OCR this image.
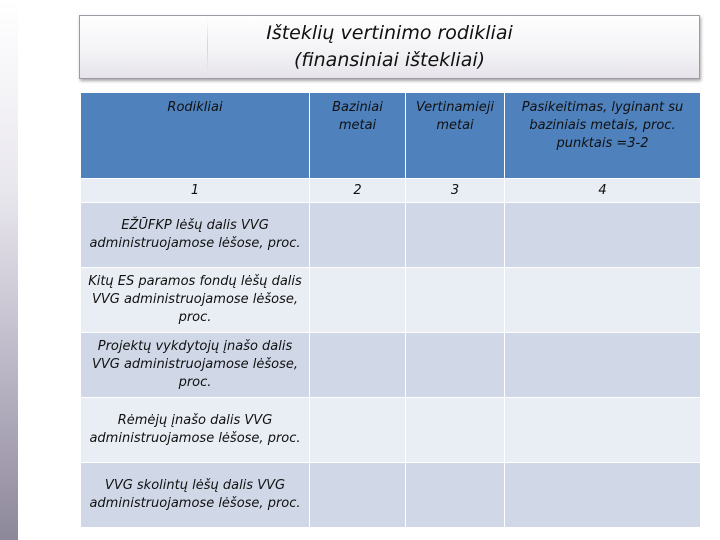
Išteklių vertinimo rodikliai
(finansiniai ištekliai)
Rodikliai	Baziniai metai	Vertinamieji metai	Pasikeitimas, lyginant su baziniais metais, proc. punktais =3-2
1	2	3	4
EŽŪFKP lėšų dalis VVG administruojamose lėšose, proc.			
Kitų ES paramos fondų lėšų dalis VVG administruojamose lėšose, proc.			
Projektų vykdytojų įnašo dalis VVG administruojamose lėšose, proc.			
Rėmėjų įnašo dalis VVG administruojamose lėšose, proc.			
VVG skolintų lėšų dalis VVG administruojamose lėšose, proc.			
